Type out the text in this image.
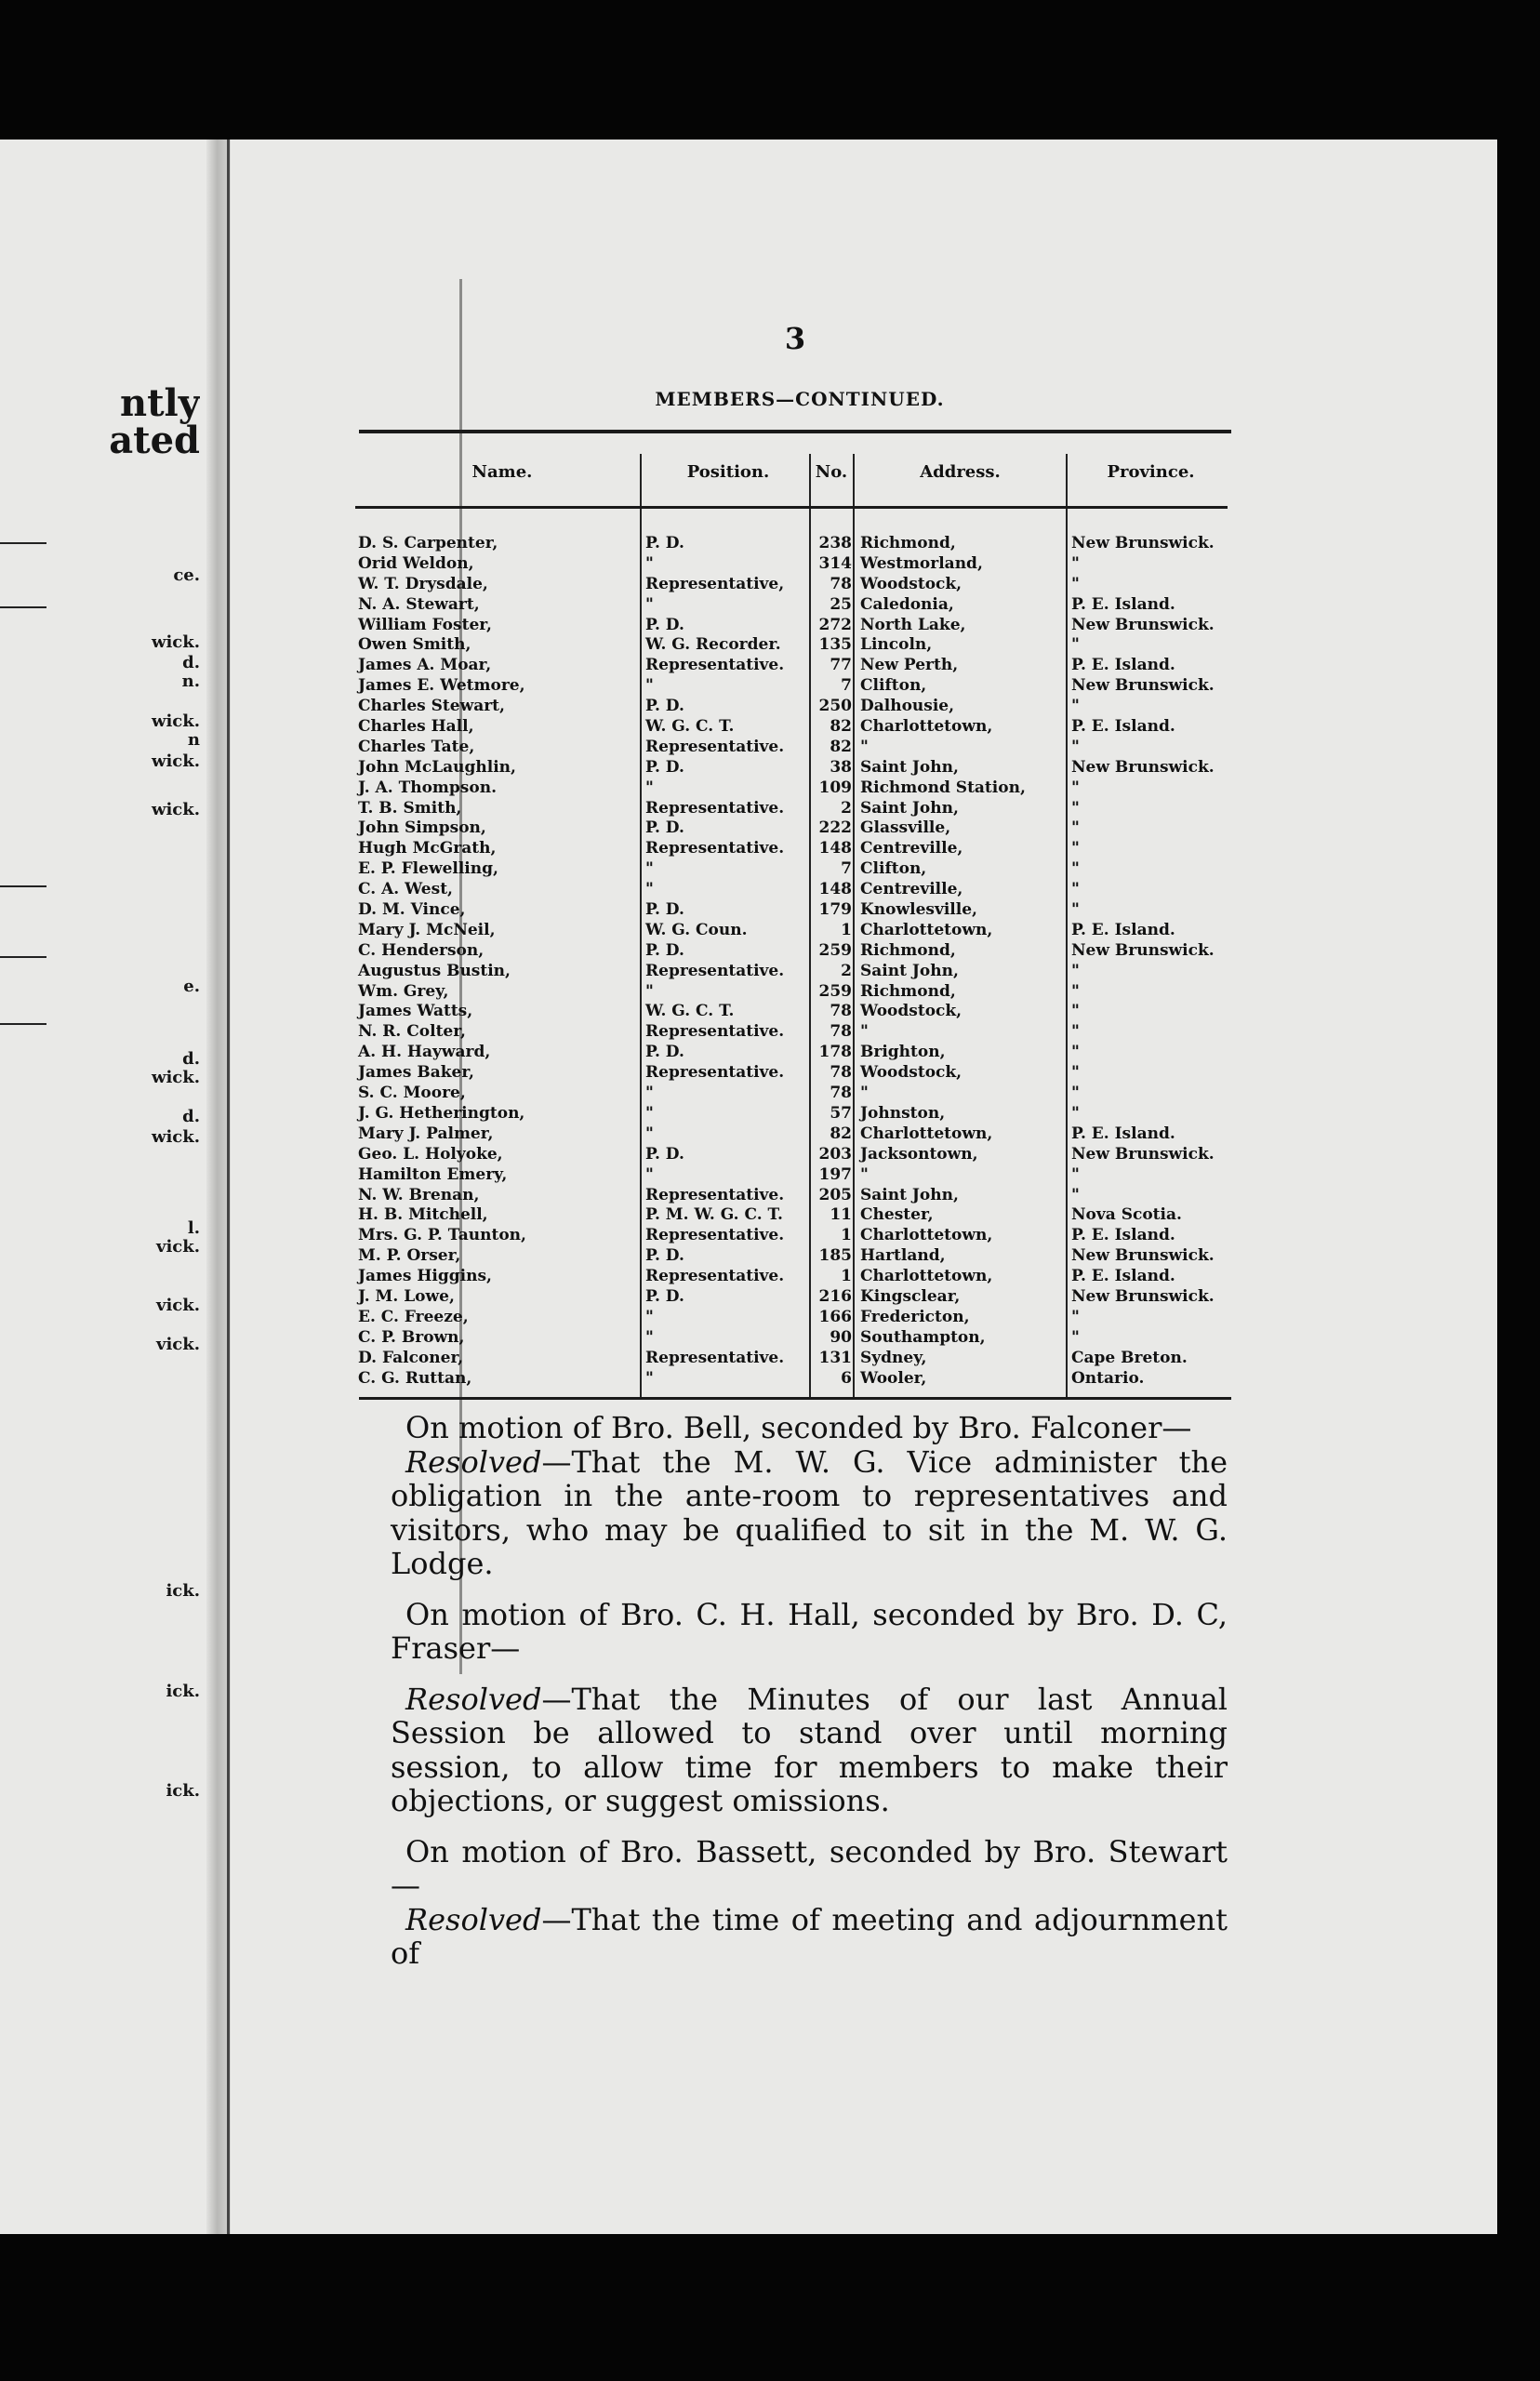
ntly
ated
ce.
wick.
d.
n.
wick.
n
wick.
wick.
e.
d.
wick.
d.
wick.
l.
vick.
vick.
vick.
ick.
ick.
ick.
3
MEMBERS—CONTINUED.
Name.	Position.	No.	Address.	Province.
D. S. Carpenter,	P. D.	238 Richmond,	New Brunswick.
Orid Weldon,	"	314 Westmorland,	"
W. T. Drysdale,	Representative,	78 Woodstock,	"
N. A. Stewart,	"	25 Caledonia,	P. E. Island.
William Foster,	P. D.	272 North Lake,	New Brunswick.
Owen Smith,	W. G. Recorder. 135 Lincoln,	"
James A. Moar,	Representative.	77 New Perth,	P. E. Island.
James E. Wetmore,	"	7 Clifton,	New Brunswick.
Charles Stewart,	P. D.	250 Dalhousie,	"
Charles Hall,	W. G. C. T.	82 Charlottetown,	P. E. Island.
Charles Tate,	Representative.	82 "	"
John McLaughlin,	P. D.	38 Saint John,	New Brunswick.
J. A. Thompson.	"	109 Richmond Station,	"
T. B. Smith,	Representative.	2 Saint John,	"
John Simpson,	P. D.	222 Glassville,	"
Hugh McGrath,	Representative. 148 Centreville,	"
E. P. Flewelling,	"	7 Clifton,	"
C. A. West,	"	148 Centreville,	"
D. M. Vince,	P. D.	179 Knowlesville,	"
Mary J. McNeil,	W. G. Coun.	1 Charlottetown,	P. E. Island.
C. Henderson,	P. D.	259 Richmond,	New Brunswick.
Augustus Bustin,	Representative.	2 Saint John,	"
Wm. Grey,	"	259 Richmond,	"
James Watts,	W. G. C. T.	78 Woodstock,	"
N. R. Colter,	Representative.	78 "	"
A. H. Hayward,	P. D.	178 Brighton,	"
James Baker,	Representative.	78 Woodstock,	"
S. C. Moore,	"	78 "	"
J. G. Hetherington,	"	57 Johnston,	"
Mary J. Palmer,	"	82 Charlottetown,	P. E. Island.
Geo. L. Holyoke,	P. D.	203 Jacksontown,	New Brunswick.
Hamilton Emery,	"	197 "	"
N. W. Brenan,	Representative. 205 Saint John,	"
H. B. Mitchell,	P. M. W. G. C. T.	11 Chester,	Nova Scotia.
Mrs. G. P. Taunton,	Representative.	1 Charlottetown,	P. E. Island.
M. P. Orser,	P. D.	185 Hartland,	New Brunswick.
James Higgins,	Representative.	1 Charlottetown,	P. E. Island.
J. M. Lowe,	P. D.	216 Kingsclear,	New Brunswick.
E. C. Freeze,	"	166 Fredericton,	"
C. P. Brown,	"	90 Southampton,	"
D. Falconer,	Representative. 131 Sydney,	Cape Breton.
C. G. Ruttan,	"	6 Wooler,	Ontario.

On motion of Bro. Bell, seconded by Bro. Falconer—

Resolved—That the M. W. G. Vice administer the obligation in the ante-room to representatives and visitors, who may be qualified to sit in the M. W. G. Lodge.

On motion of Bro. C. H. Hall, seconded by Bro. D. C, Fraser—

Resolved—That the Minutes of our last Annual Session be allowed to stand over until morning session, to allow time for members to make their objections, or suggest omissions.

On motion of Bro. Bassett, seconded by Bro. Stewart—

Resolved—That the time of meeting and adjournment of
